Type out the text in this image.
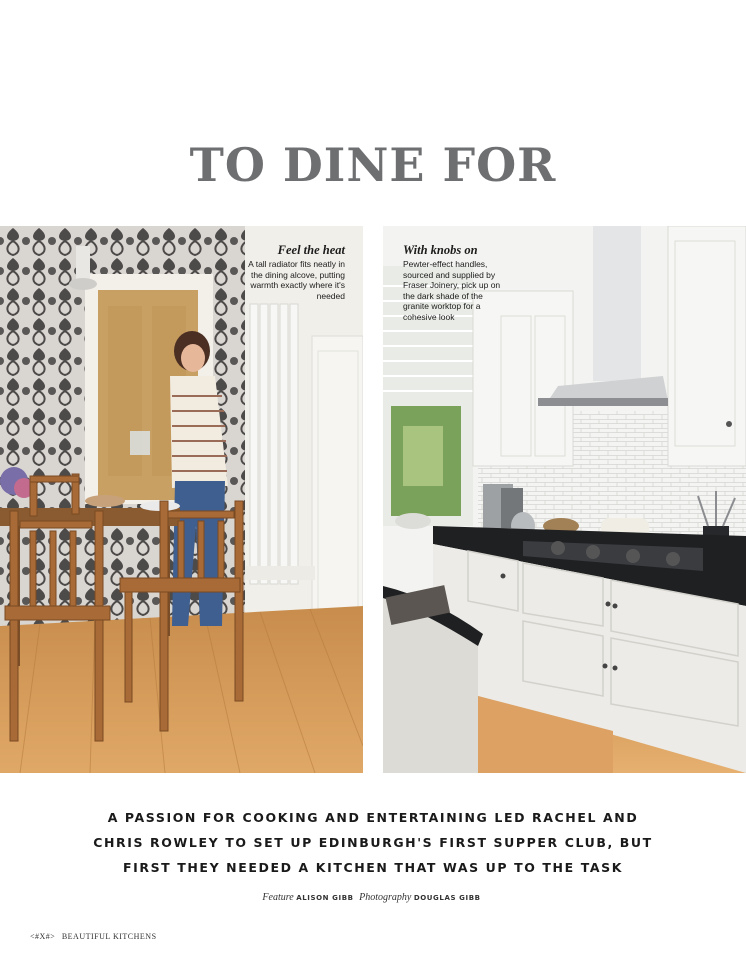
TO DINE FOR
Feel the heat
A tall radiator fits neatly in the dining alcove, putting warmth exactly where it's needed
With knobs on
Pewter-effect handles, sourced and supplied by Fraser Joinery, pick up on the dark shade of the granite worktop for a cohesive look
A PASSION FOR COOKING AND ENTERTAINING LED RACHEL AND
CHRIS ROWLEY TO SET UP EDINBURGH'S FIRST SUPPER CLUB, BUT
FIRST THEY NEEDED A KITCHEN THAT WAS UP TO THE TASK
Feature ALISON GIBB Photography DOUGLAS GIBB
<#X#> BEAUTIFUL KITCHENS
